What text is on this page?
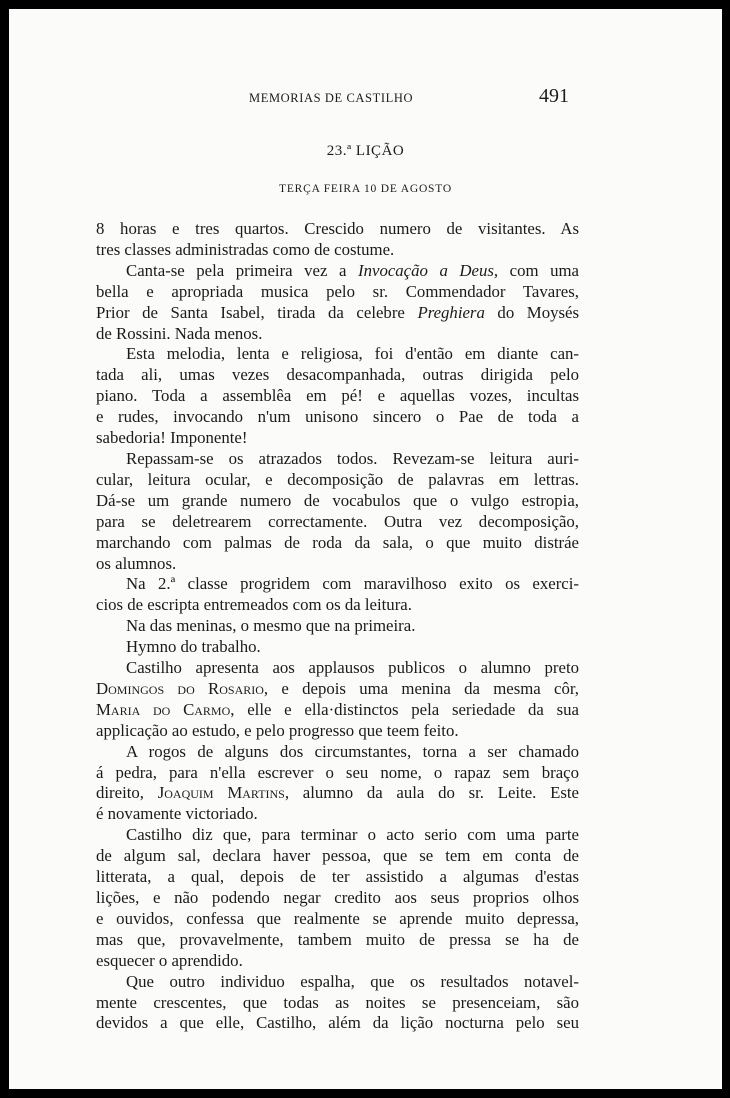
MEMORIAS DE CASTILHO	491
23.ª LIÇÃO
TERÇA FEIRA 10 DE AGOSTO
8 horas e tres quartos. Crescido numero de visitantes. As
tres classes administradas como de costume.
Canta-se pela primeira vez a Invocação a Deus, com uma
bella e apropriada musica pelo sr. Commendador Tavares,
Prior de Santa Isabel, tirada da celebre Preghiera do Moysés
de Rossini. Nada menos.
Esta melodia, lenta e religiosa, foi d'então em diante can-
tada ali, umas vezes desacompanhada, outras dirigida pelo
piano. Toda a assemblêa em pé! e aquellas vozes, incultas
e rudes, invocando n'um unisono sincero o Pae de toda a
sabedoria! Imponente!
Repassam-se os atrazados todos. Revezam-se leitura auri-
cular, leitura ocular, e decomposição de palavras em lettras.
Dá-se um grande numero de vocabulos que o vulgo estropia,
para se deletrearem correctamente. Outra vez decomposição,
marchando com palmas de roda da sala, o que muito distráe
os alumnos.
Na 2.ª classe progridem com maravilhoso exito os exerci-
cios de escripta entremeados com os da leitura.
Na das meninas, o mesmo que na primeira.
Hymno do trabalho.
Castilho apresenta aos applausos publicos o alumno preto
Domingos do Rosario, e depois uma menina da mesma côr,
Maria do Carmo, elle e ella·distinctos pela seriedade da sua
applicação ao estudo, e pelo progresso que teem feito.
A rogos de alguns dos circumstantes, torna a ser chamado
á pedra, para n'ella escrever o seu nome, o rapaz sem braço
direito, Joaquim Martins, alumno da aula do sr. Leite. Este
é novamente victoriado.
Castilho diz que, para terminar o acto serio com uma parte
de algum sal, declara haver pessoa, que se tem em conta de
litterata, a qual, depois de ter assistido a algumas d'estas
lições, e não podendo negar credito aos seus proprios olhos
e ouvidos, confessa que realmente se aprende muito depressa,
mas que, provavelmente, tambem muito de pressa se ha de
esquecer o aprendido.
Que outro individuo espalha, que os resultados notavel-
mente crescentes, que todas as noites se presenceiam, são
devidos a que elle, Castilho, além da lição nocturna pelo seu
